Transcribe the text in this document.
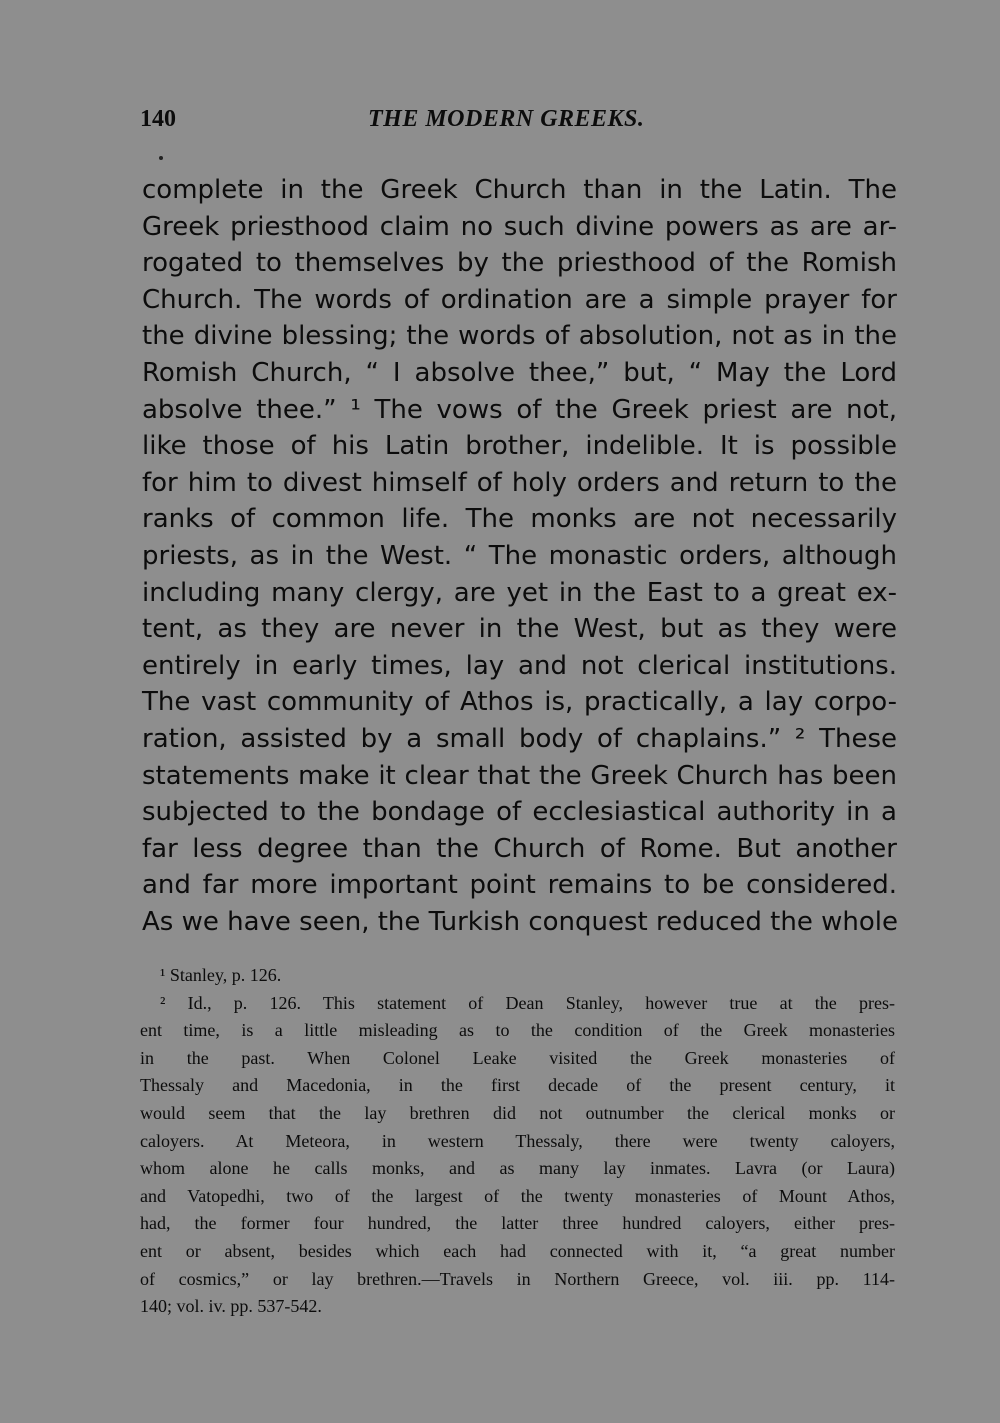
140	THE MODERN GREEKS.
complete in the Greek Church than in the Latin. The
Greek priesthood claim no such divine powers as are ar-
rogated to themselves by the priesthood of the Romish
Church. The words of ordination are a simple prayer for
the divine blessing; the words of absolution, not as in the
Romish Church, “ I absolve thee,” but, “ May the Lord
absolve thee.” ¹ The vows of the Greek priest are not,
like those of his Latin brother, indelible. It is possible
for him to divest himself of holy orders and return to the
ranks of common life. The monks are not necessarily
priests, as in the West. “ The monastic orders, although
including many clergy, are yet in the East to a great ex-
tent, as they are never in the West, but as they were
entirely in early times, lay and not clerical institutions.
The vast community of Athos is, practically, a lay corpo-
ration, assisted by a small body of chaplains.” ² These
statements make it clear that the Greek Church has been
subjected to the bondage of ecclesiastical authority in a
far less degree than the Church of Rome. But another
and far more important point remains to be considered.
As we have seen, the Turkish conquest reduced the whole
¹ Stanley, p. 126.
² Id., p. 126. This statement of Dean Stanley, however true at the pres-
ent time, is a little misleading as to the condition of the Greek monasteries
in the past. When Colonel Leake visited the Greek monasteries of
Thessaly and Macedonia, in the first decade of the present century, it
would seem that the lay brethren did not outnumber the clerical monks or
caloyers. At Meteora, in western Thessaly, there were twenty caloyers,
whom alone he calls monks, and as many lay inmates. Lavra (or Laura)
and Vatopedhi, two of the largest of the twenty monasteries of Mount Athos,
had, the former four hundred, the latter three hundred caloyers, either pres-
ent or absent, besides which each had connected with it, “a great number
of cosmics,” or lay brethren.—Travels in Northern Greece, vol. iii. pp. 114-
140; vol. iv. pp. 537-542.
